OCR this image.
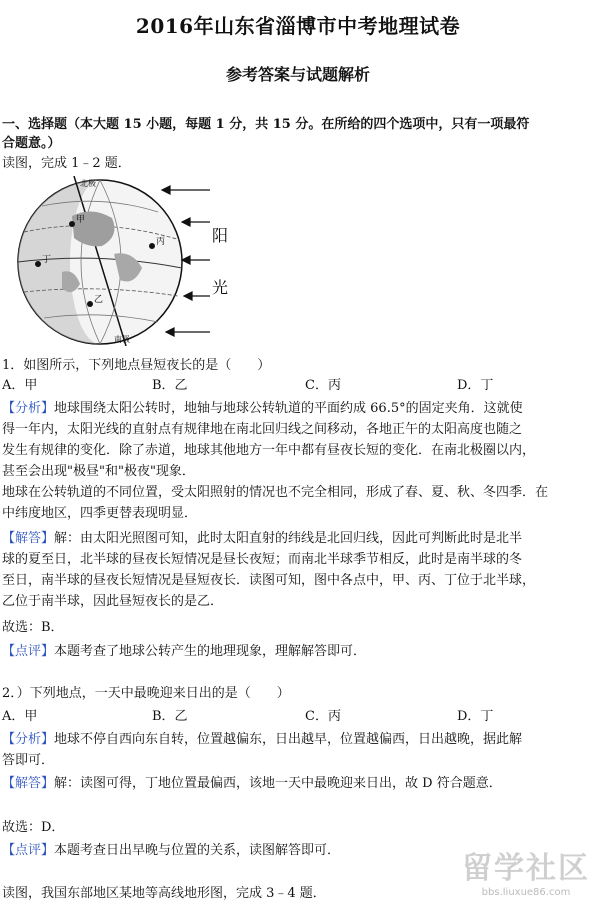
2016年山东省淄博市中考地理试卷
参考答案与试题解析
一、选择题（本大题 15 小题，每题 1 分，共 15 分。在所给的四个选项中，只有一项最符
合题意。）
读图，完成 1﹣2 题．
甲
乙
丙
丁
北极
南极
阳
光
1．如图所示，下列地点昼短夜长的是（　　）
A．甲	B．乙	C．丙	D．丁
【分析】地球围绕太阳公转时，地轴与地球公转轨道的平面约成 66.5°的固定夹角．这就使
得一年内，太阳光线的直射点有规律地在南北回归线之间移动，各地正午的太阳高度也随之
发生有规律的变化．除了赤道，地球其他地方一年中都有昼夜长短的变化．在南北极圈以内，
甚至会出现"极昼"和"极夜"现象．
地球在公转轨道的不同位置，受太阳照射的情况也不完全相同，形成了春、夏、秋、冬四季．在
中纬度地区，四季更替表现明显．
【解答】解：由太阳光照图可知，此时太阳直射的纬线是北回归线，因此可判断此时是北半
球的夏至日，北半球的昼夜长短情况是昼长夜短；而南北半球季节相反，此时是南半球的冬
至日，南半球的昼夜长短情况是昼短夜长．读图可知，图中各点中，甲、丙、丁位于北半球，
乙位于南半球，因此昼短夜长的是乙．
故选：B．
【点评】本题考查了地球公转产生的地理现象，理解解答即可．
2．）下列地点，一天中最晚迎来日出的是（　　）
A．甲	B．乙	C．丙	D．丁
【分析】地球不停自西向东自转，位置越偏东，日出越早，位置越偏西，日出越晚，据此解
答即可．
【解答】解：读图可得，丁地位置最偏西，该地一天中最晚迎来日出，故 D 符合题意．
故选：D．
【点评】本题考查日出早晚与位置的关系，读图解答即可．
读图，我国东部地区某地等高线地形图，完成 3﹣4 题．
留学社区
bbs.liuxue86.com
